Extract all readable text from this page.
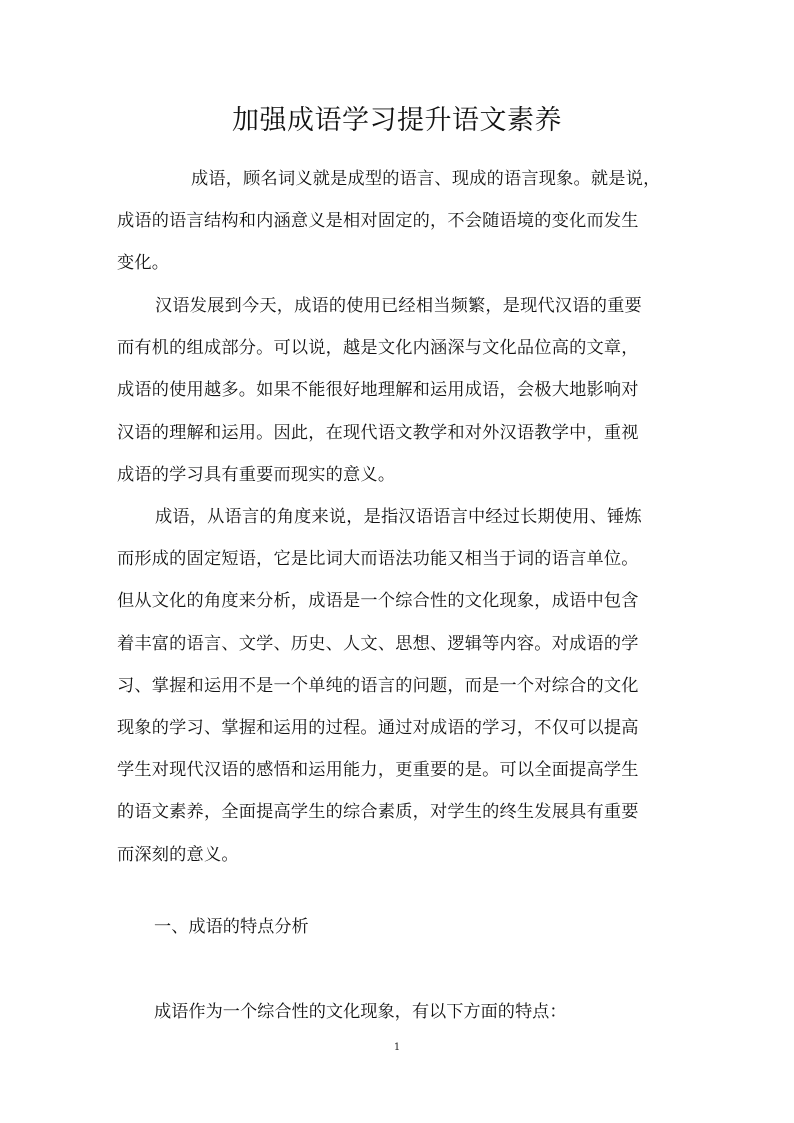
加强成语学习提升语文素养
成语，顾名词义就是成型的语言、现成的语言现象。就是说，
成语的语言结构和内涵意义是相对固定的，不会随语境的变化而发生
变化。
汉语发展到今天，成语的使用已经相当频繁，是现代汉语的重要
而有机的组成部分。可以说，越是文化内涵深与文化品位高的文章，
成语的使用越多。如果不能很好地理解和运用成语，会极大地影响对
汉语的理解和运用。因此，在现代语文教学和对外汉语教学中，重视
成语的学习具有重要而现实的意义。
成语，从语言的角度来说，是指汉语语言中经过长期使用、锤炼
而形成的固定短语，它是比词大而语法功能又相当于词的语言单位。
但从文化的角度来分析，成语是一个综合性的文化现象，成语中包含
着丰富的语言、文学、历史、人文、思想、逻辑等内容。对成语的学
习、掌握和运用不是一个单纯的语言的问题，而是一个对综合的文化
现象的学习、掌握和运用的过程。通过对成语的学习，不仅可以提高
学生对现代汉语的感悟和运用能力，更重要的是。可以全面提高学生
的语文素养，全面提高学生的综合素质，对学生的终生发展具有重要
而深刻的意义。
一、成语的特点分析
成语作为一个综合性的文化现象，有以下方面的特点：
1
